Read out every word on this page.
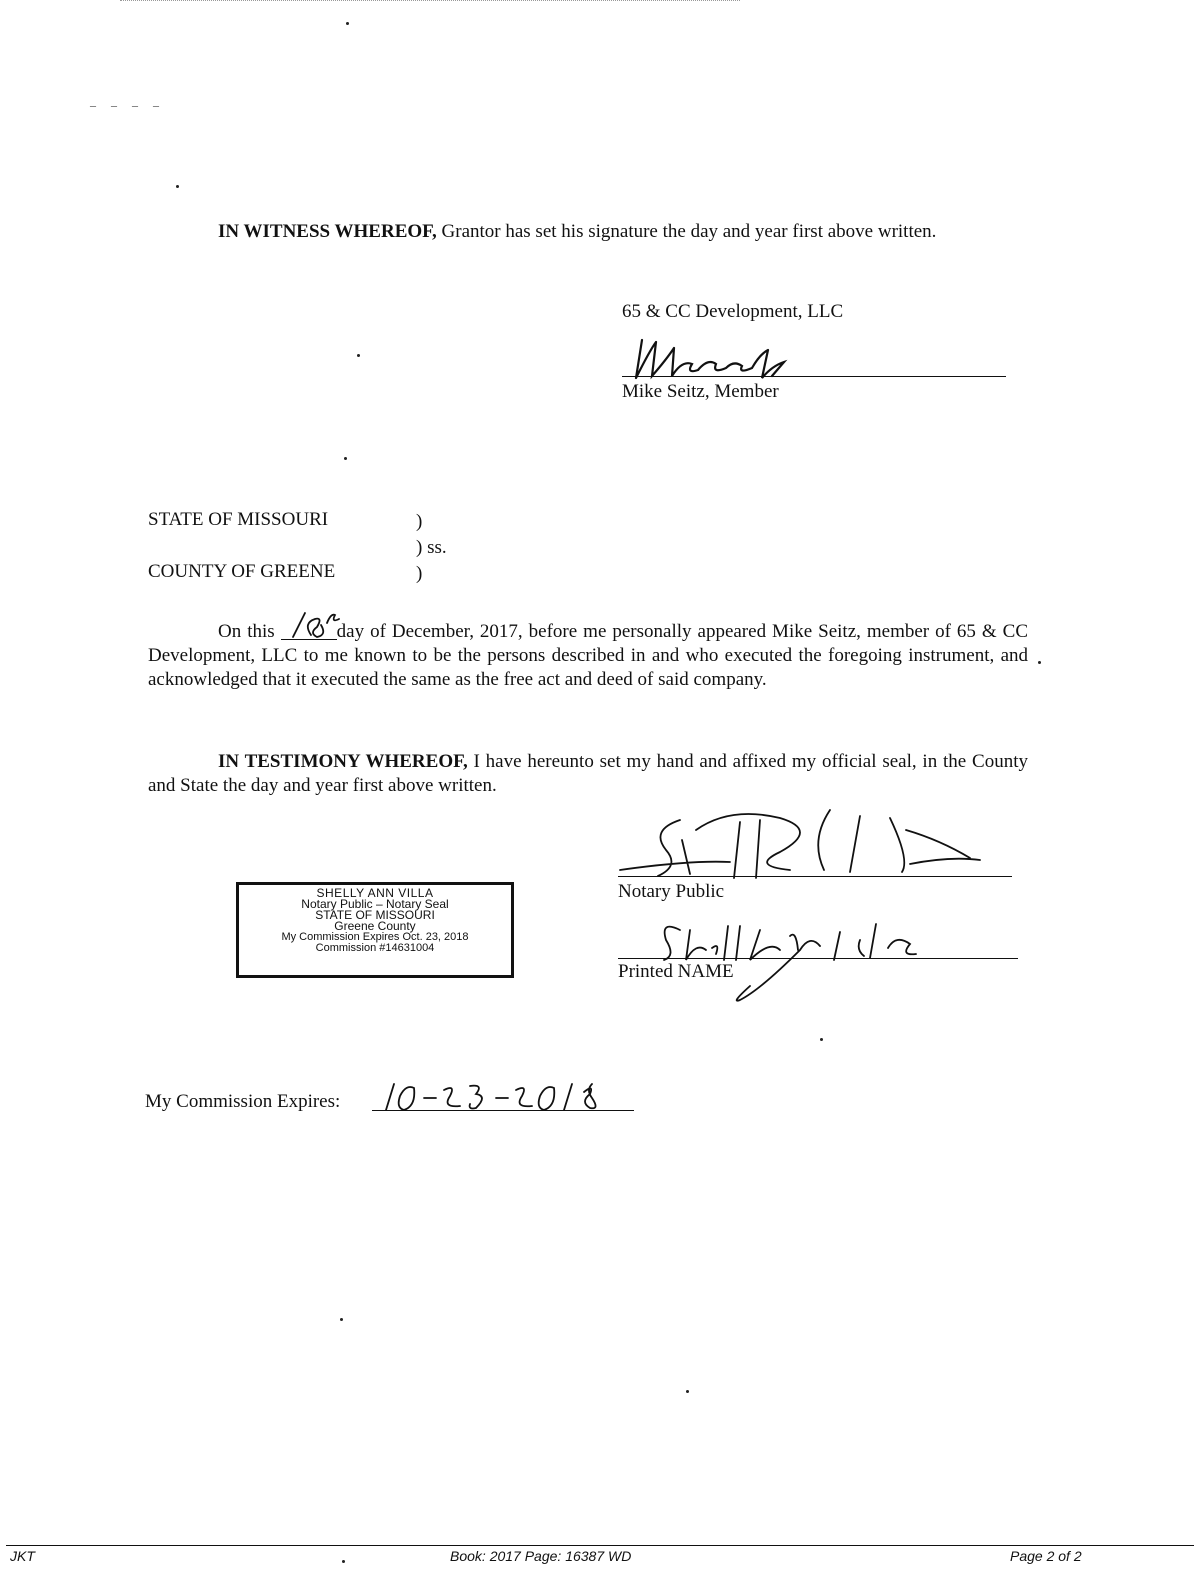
– – – –
IN WITNESS WHEREOF, Grantor has set his signature the day and year first above written.
65 & CC Development, LLC
Mike Seitz, Member
STATE OF MISSOURI	)
) ss.
COUNTY OF GREENE	)
On this	day of December, 2017, before me personally appeared Mike Seitz, member of 65 & CC Development, LLC to me known to be the persons described in and who executed the foregoing instrument, and acknowledged that it executed the same as the free act and deed of said company.
IN TESTIMONY WHEREOF, I have hereunto set my hand and affixed my official seal, in the County and State the day and year first above written.
SHELLY ANN VILLA
Notary Public – Notary Seal
STATE OF MISSOURI
Greene County
My Commission Expires Oct. 23, 2018
Commission #14631004
Notary Public
Printed NAME
My Commission Expires:
JKT	Book: 2017 Page: 16387 WD	Page 2 of 2
